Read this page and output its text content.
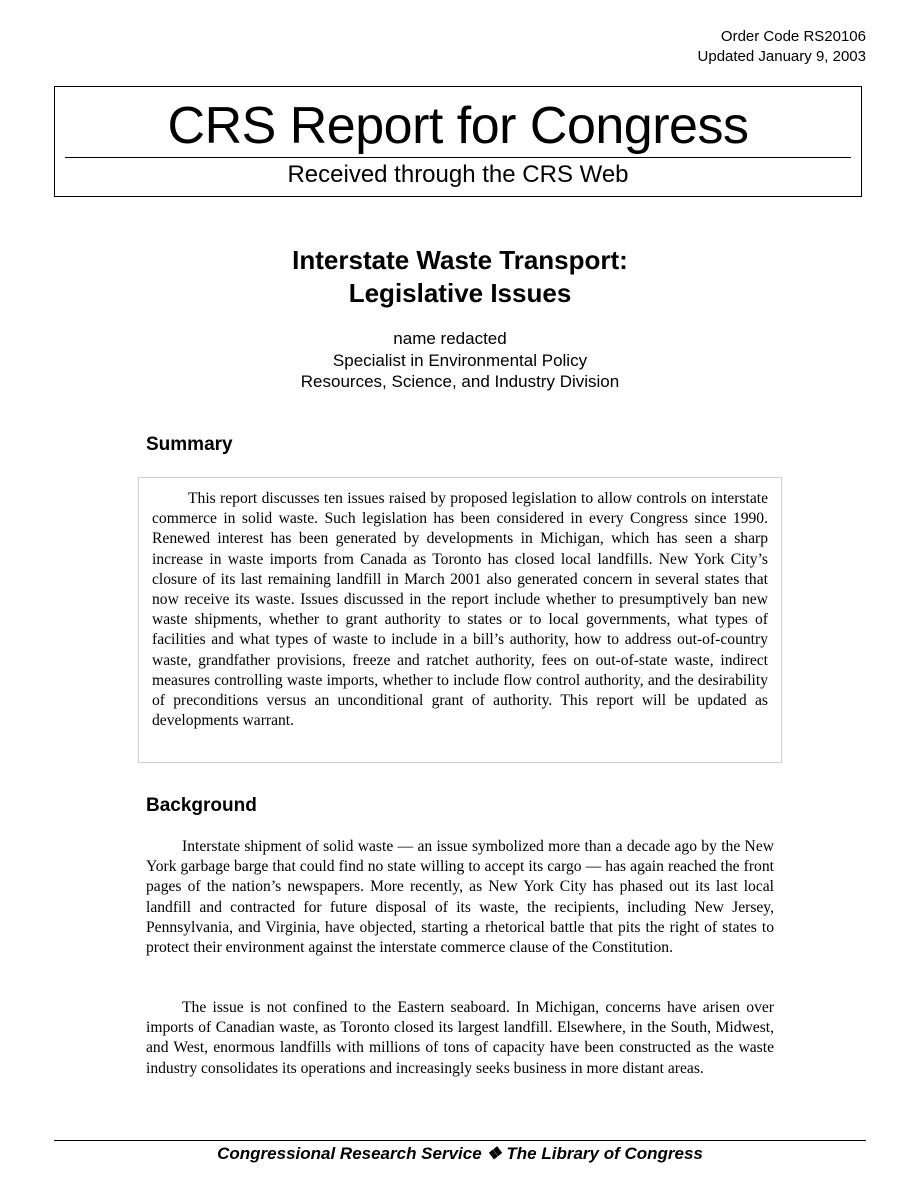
Order Code RS20106
Updated January 9, 2003
CRS Report for Congress
Received through the CRS Web
Interstate Waste Transport:
Legislative Issues
name redacted
Specialist in Environmental Policy
Resources, Science, and Industry Division
Summary

This report discusses ten issues raised by proposed legislation to allow controls on interstate commerce in solid waste. Such legislation has been considered in every Congress since 1990. Renewed interest has been generated by developments in Michigan, which has seen a sharp increase in waste imports from Canada as Toronto has closed local landfills. New York City’s closure of its last remaining landfill in March 2001 also generated concern in several states that now receive its waste. Issues discussed in the report include whether to presumptively ban new waste shipments, whether to grant authority to states or to local governments, what types of facilities and what types of waste to include in a bill’s authority, how to address out-of-country waste, grandfather provisions, freeze and ratchet authority, fees on out-of-state waste, indirect measures controlling waste imports, whether to include flow control authority, and the desirability of preconditions versus an unconditional grant of authority. This report will be updated as developments warrant.

Background

Interstate shipment of solid waste — an issue symbolized more than a decade ago by the New York garbage barge that could find no state willing to accept its cargo — has again reached the front pages of the nation’s newspapers. More recently, as New York City has phased out its last local landfill and contracted for future disposal of its waste, the recipients, including New Jersey, Pennsylvania, and Virginia, have objected, starting a rhetorical battle that pits the right of states to protect their environment against the interstate commerce clause of the Constitution.

The issue is not confined to the Eastern seaboard. In Michigan, concerns have arisen over imports of Canadian waste, as Toronto closed its largest landfill. Elsewhere, in the South, Midwest, and West, enormous landfills with millions of tons of capacity have been constructed as the waste industry consolidates its operations and increasingly seeks business in more distant areas.

Congressional Research Service ❖ The Library of Congress
